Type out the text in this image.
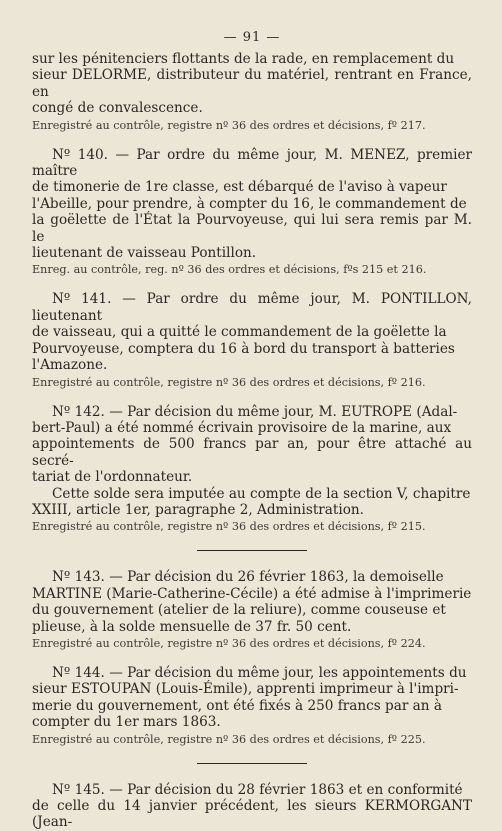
— 91 —

sur les pénitenciers flottants de la rade, en remplacement du

sieur DELORME, distributeur du matériel, rentrant en France, en

congé de convalescence.

Enregistré au contrôle, registre nº 36 des ordres et décisions, fº 217.

Nº 140. — Par ordre du même jour, M. MENEZ, premier maître

de timonerie de 1re classe, est débarqué de l'aviso à vapeur

l'Abeille, pour prendre, à compter du 16, le commandement de

la goëlette de l'État la Pourvoyeuse, qui lui sera remis par M. le

lieutenant de vaisseau Pontillon.

Enreg. au contrôle, reg. nº 36 des ordres et décisions, fºs 215 et 216.

Nº 141. — Par ordre du même jour, M. PONTILLON, lieutenant

de vaisseau, qui a quitté le commandement de la goëlette la

Pourvoyeuse, comptera du 16 à bord du transport à batteries

l'Amazone.

Enregistré au contrôle, registre nº 36 des ordres et décisions, fº 216.

Nº 142. — Par décision du même jour, M. EUTROPE (Adal-

bert-Paul) a été nommé écrivain provisoire de la marine, aux

appointements de 500 francs par an, pour être attaché au secré-

tariat de l'ordonnateur.

Cette solde sera imputée au compte de la section V, chapitre

XXIII, article 1er, paragraphe 2, Administration.

Enregistré au contrôle, registre nº 36 des ordres et décisions, fº 215.

Nº 143. — Par décision du 26 février 1863, la demoiselle

MARTINE (Marie-Catherine-Cécile) a été admise à l'imprimerie

du gouvernement (atelier de la reliure), comme couseuse et

plieuse, à la solde mensuelle de 37 fr. 50 cent.

Enregistré au contrôle, registre nº 36 des ordres et décisions, fº 224.

Nº 144. — Par décision du même jour, les appointements du

sieur ESTOUPAN (Louis-Émile), apprenti imprimeur à l'impri-

merie du gouvernement, ont été fixés à 250 francs par an à

compter du 1er mars 1863.

Enregistré au contrôle, registre nº 36 des ordres et décisions, fº 225.

Nº 145. — Par décision du 28 février 1863 et en conformité

de celle du 14 janvier précédent, les sieurs KERMORGANT (Jean-
